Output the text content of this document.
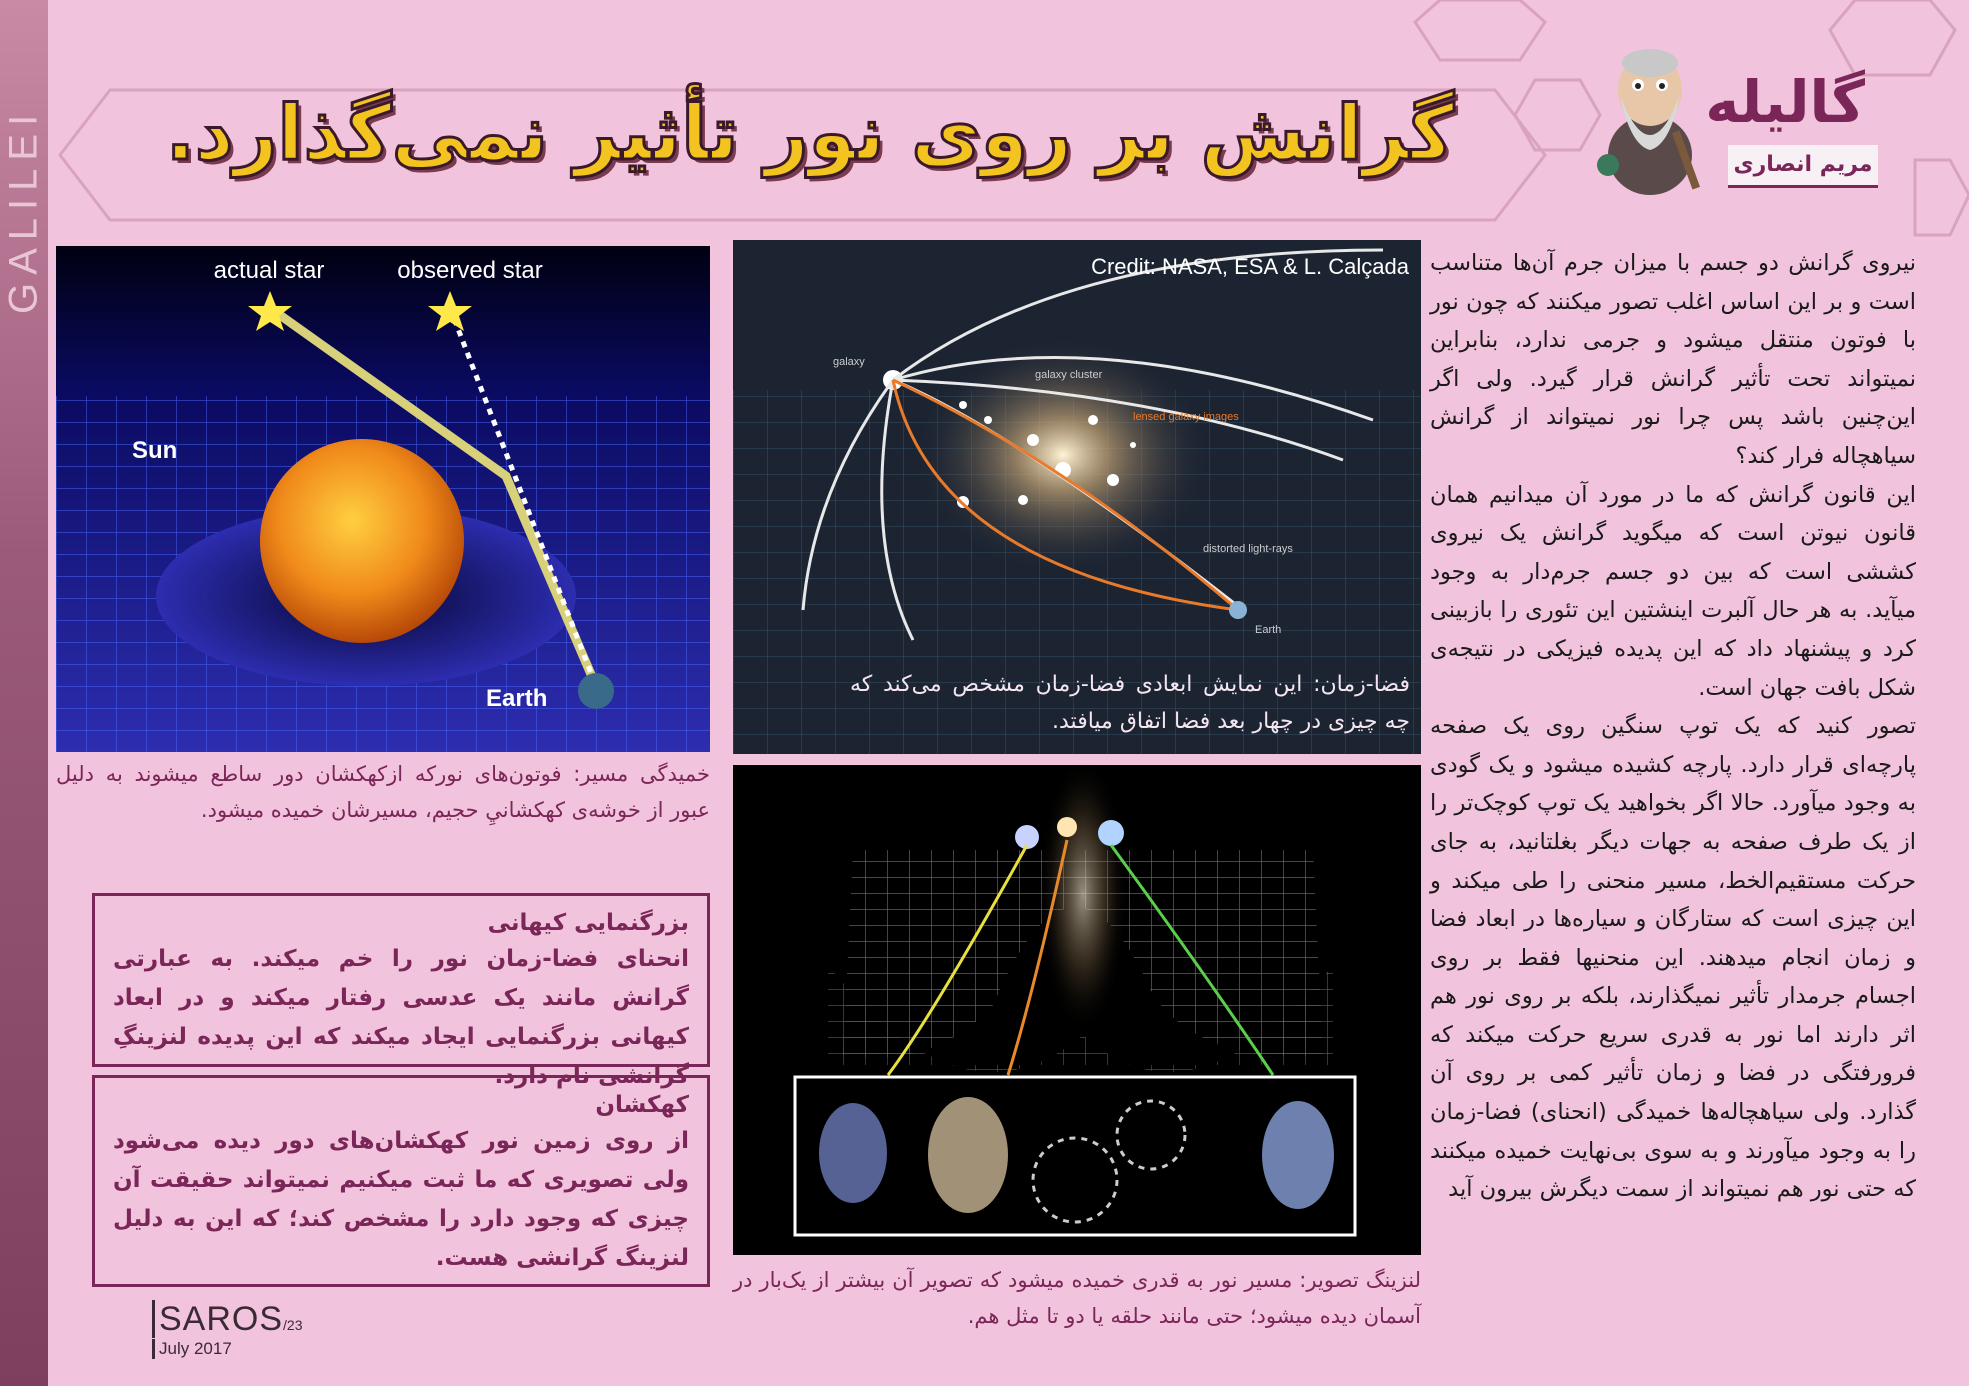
GALILEI	گرانش بر روی نور تأثیر نمی‌گذارد.	گالیله
مریم انصاری
actual star	observed star
Sun
Earth
خمیدگی مسیر: فوتون‌های نورکه ازکهکشان دور ساطع میشوند به دلیل عبور از خوشه‌ی کهکشانيِ حجیم، مسیرشان خمیده میشود.
Credit: NASA, ESA & L. Calçada
galaxy
galaxy cluster
lensed galaxy images
distorted light-rays
Earth
فضا-زمان: این نمایش ابعادی فضا-زمان مشخص می‌کند که چه چیزی در چهار بعد فضا اتفاق میافتد.
لنزینگ تصویر: مسیر نور به قدری خمیده میشود که تصویر آن بیشتر از یک‌بار در آسمان دیده میشود؛ حتی مانند حلقه یا دو تا مثل هم.
بزرگنمایی کیهانی
انحنای فضا-زمان نور را خم میکند. به عبارتی گرانش مانند یک عدسی رفتار میکند و در ابعاد کیهانی بزرگنمایی ایجاد میکند که این پدیده لنزینگِ گرانشی نام دارد.
کهکشان
از روی زمین نور کهکشان‌های دور دیده می‌شود ولی تصویری که ما ثبت میکنیم نمیتواند حقیقت آن چیزی که وجود دارد را مشخص کند؛ که این به دلیل لنزینگ گرانشی هست.

نیروی گرانش دو جسم با میزان جرم آن‌ها متناسب است و بر این اساس اغلب تصور میکنند که چون نور با فوتون منتقل میشود و جرمی ندارد، بنابراین نمیتواند تحت تأثیر گرانش قرار گیرد. ولی اگر این‌چنین باشد پس چرا نور نمیتواند از گرانش سیاهچاله فرار کند؟

این قانون گرانش که ما در مورد آن میدانیم همان قانون نیوتن است که میگوید گرانش یک نیروی کششی است که بین دو جسم جرم‌دار به وجود میآید. به هر حال آلبرت اینشتین این تئوری را بازبینی کرد و پیشنهاد داد که این پدیده فیزیکی در نتیجه‌ی شکل بافت جهان است.

تصور کنید که یک توپ سنگین روی یک صفحه پارچه‌ای قرار دارد. پارچه کشیده میشود و یک گودی به وجود میآورد. حالا اگر بخواهید یک توپ کوچک‌تر را از یک طرف صفحه به جهات دیگر بغلتانید، به جای حرکت مستقیم‌الخط، مسیر منحنی را طی میکند و این چیزی است که ستارگان و سیاره‌ها در ابعاد فضا و زمان انجام میدهند. این منحنیها فقط بر روی اجسام جرمدار تأثیر نمیگذارند، بلکه بر روی نور هم اثر دارند اما نور به قدری سریع حرکت میکند که فرورفتگی در فضا و زمان تأثیر کمی بر روی آن گذارد. ولی سیاهچاله‌ها خمیدگی (انحنای) فضا-زمان را به وجود میآورند و به سوی بی‌نهایت خمیده میکنند که حتی نور هم نمیتواند از سمت دیگرش بیرون آید

SAROS/23
July 2017
